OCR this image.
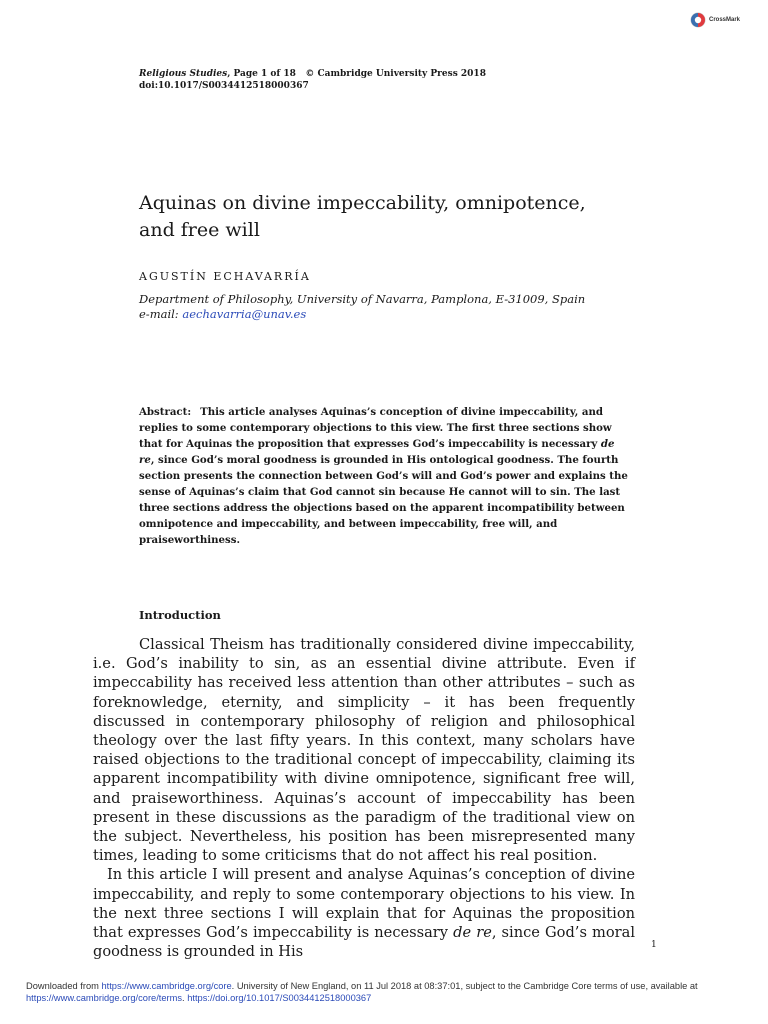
CrossMark
Religious Studies, Page 1 of 18 © Cambridge University Press 2018
doi:10.1017/S0034412518000367
Aquinas on divine impeccability, omnipotence,
and free will
AGUSTÍN ECHAVARRÍA
Department of Philosophy, University of Navarra, Pamplona, E-31009, Spain
e-mail: aechavarria@unav.es

Abstract: This article analyses Aquinas’s conception of divine impeccability, and replies to some contemporary objections to this view. The first three sections show that for Aquinas the proposition that expresses God’s impeccability is necessary de re, since God’s moral goodness is grounded in His ontological goodness. The fourth section presents the connection between God’s will and God’s power and explains the sense of Aquinas’s claim that God cannot sin because He cannot will to sin. The last three sections address the objections based on the apparent incompatibility between omnipotence and impeccability, and between impeccability, free will, and praiseworthiness.

Introduction

Classical Theism has traditionally considered divine impeccability, i.e. God’s inability to sin, as an essential divine attribute. Even if impeccability has received less attention than other attributes – such as foreknowledge, eternity, and simplicity – it has been frequently discussed in contemporary philosophy of religion and philosophical theology over the last fifty years. In this context, many scholars have raised objections to the traditional concept of impeccability, claiming its apparent incompatibility with divine omnipotence, significant free will, and praiseworthiness. Aquinas’s account of impeccability has been present in these discussions as the paradigm of the traditional view on the subject. Nevertheless, his position has been misrepresented many times, leading to some criticisms that do not affect his real position.

In this article I will present and analyse Aquinas’s conception of divine impeccability, and reply to some contemporary objections to his view. In the next three sections I will explain that for Aquinas the proposition that expresses God’s impeccability is necessary de re, since God’s moral goodness is grounded in His	1
Downloaded from https://www.cambridge.org/core. University of New England, on 11 Jul 2018 at 08:37:01, subject to the Cambridge Core terms of use, available at https://www.cambridge.org/core/terms. https://doi.org/10.1017/S0034412518000367
